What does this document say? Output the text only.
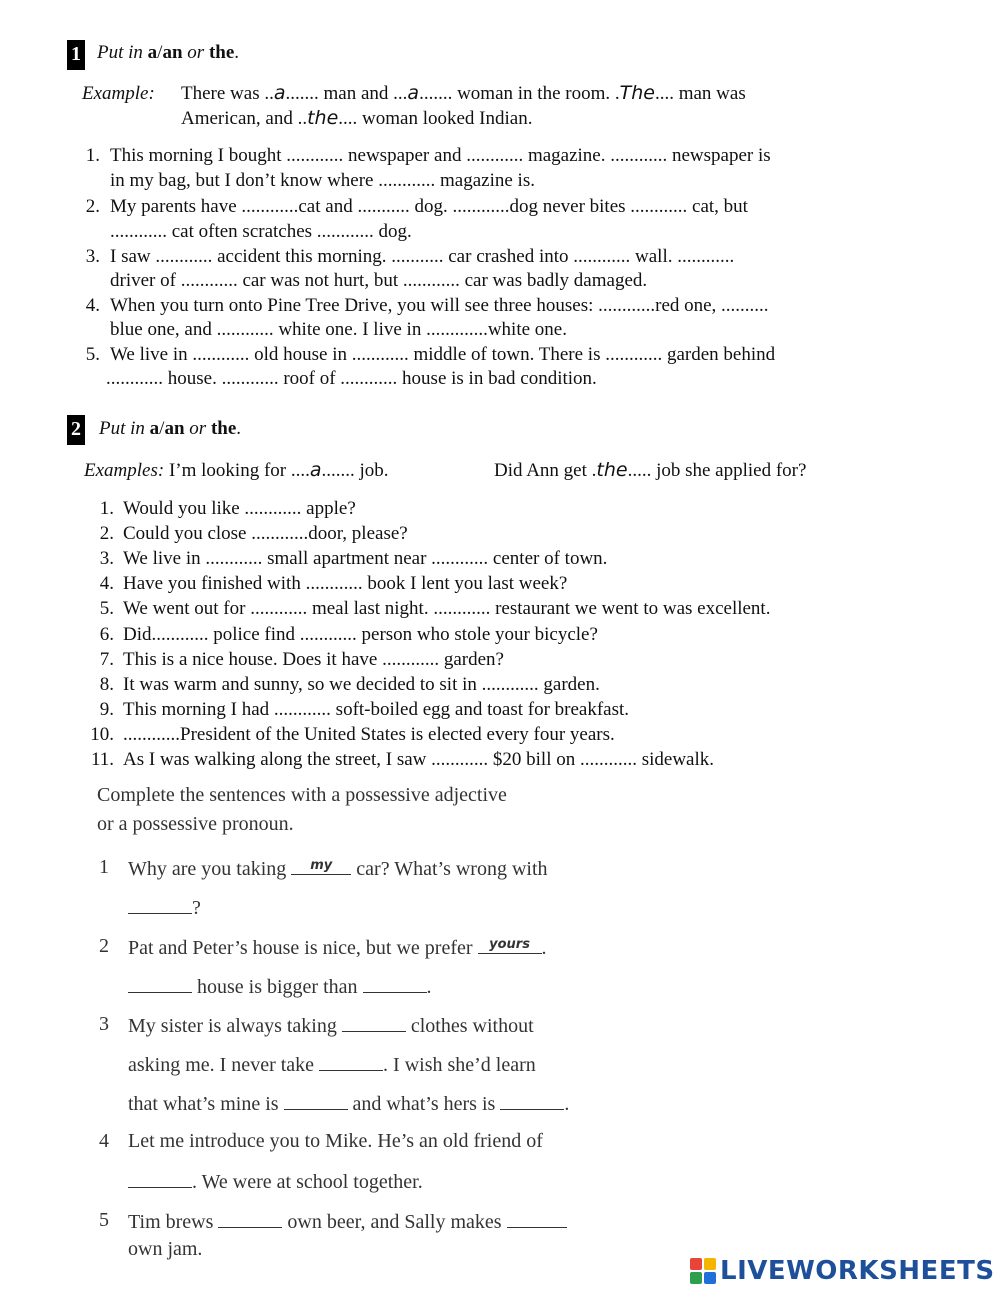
1 Put in a/an or the.
Example: There was ..a....... man and ...a....... woman in the room. .The.... man was
American, and ..the.... woman looked Indian.
1. This morning I bought ............ newspaper and ............ magazine. ............ newspaper is
in my bag, but I don’t know where ............ magazine is.
2. My parents have ............cat and ........... dog. ............dog never bites ............ cat, but
............ cat often scratches ............ dog.
3. I saw ............ accident this morning. ........... car crashed into ............ wall. ............
driver of ............ car was not hurt, but ............ car was badly damaged.
4. When you turn onto Pine Tree Drive, you will see three houses: ............red one, ..........
blue one, and ............ white one. I live in .............white one.
5. We live in ............ old house in ............ middle of town. There is ............ garden behind
............ house. ............ roof of ............ house is in bad condition.
2 Put in a/an or the.
Examples: I’m looking for ....a....... job.	Did Ann get .the..... job she applied for?
1. Would you like ............ apple?
2. Could you close ............door, please?
3. We live in ............ small apartment near ............ center of town.
4. Have you finished with ............ book I lent you last week?
5. We went out for ............ meal last night. ............ restaurant we went to was excellent.
6. Did............ police find ............ person who stole your bicycle?
7. This is a nice house. Does it have ............ garden?
8. It was warm and sunny, so we decided to sit in ............ garden.
9. This morning I had ............ soft-boiled egg and toast for breakfast.
10. ............President of the United States is elected every four years.
11. As I was walking along the street, I saw ............ $20 bill on ............ sidewalk.
Complete the sentences with a possessive adjective
or a possessive pronoun.
1 Why are you taking	my car? What’s wrong with
?
2 Pat and Peter’s house is nice, but we prefer yours .
house is bigger than	.
3 My sister is always taking	clothes without
asking me. I never take	. I wish she’d learn
that what’s mine is	and what’s hers is	.
4 Let me introduce you to Mike. He’s an old friend of
. We were at school together.
5 Tim brews	own beer, and Sally makes
own jam.
LIVEWORKSHEETS
